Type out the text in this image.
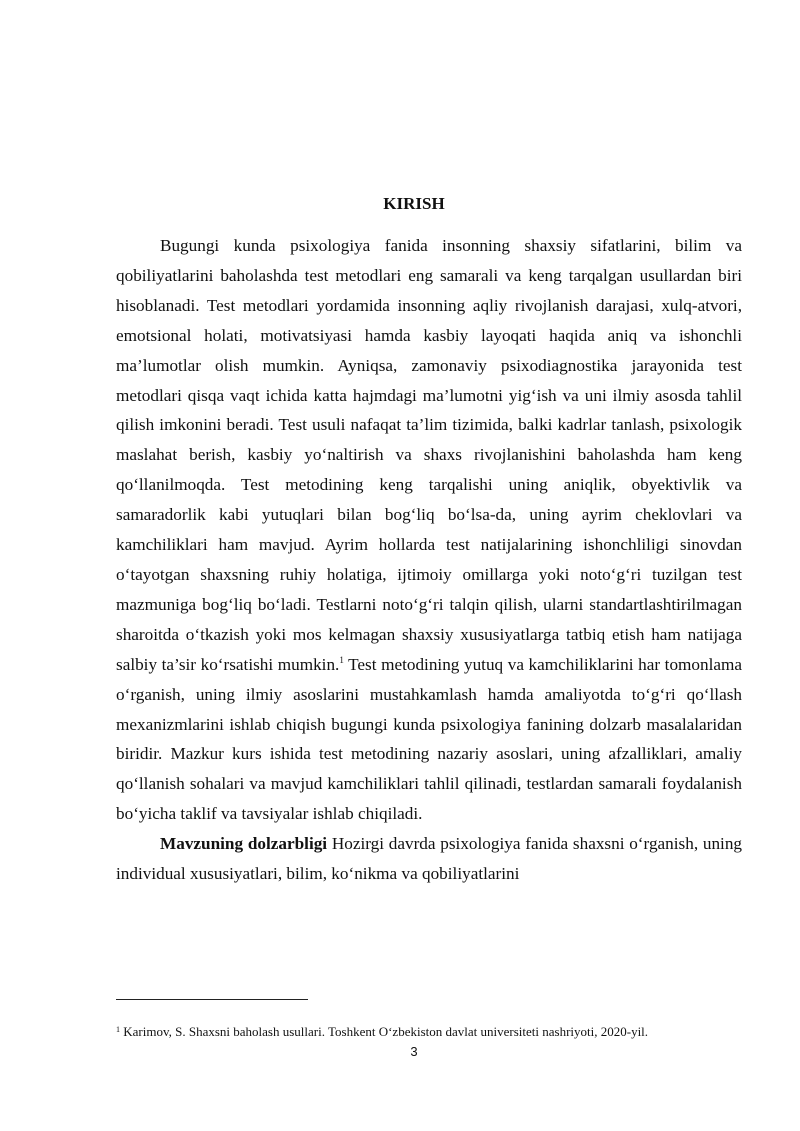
KIRISH

Bugungi kunda psixologiya fanida insonning shaxsiy sifatlarini, bilim va qobiliyatlarini baholashda test metodlari eng samarali va keng tarqalgan usullardan biri hisoblanadi. Test metodlari yordamida insonning aqliy rivojlanish darajasi, xulq-atvori, emotsional holati, motivatsiyasi hamda kasbiy layoqati haqida aniq va ishonchli ma’lumotlar olish mumkin. Ayniqsa, zamonaviy psixodiagnostika jarayonida test metodlari qisqa vaqt ichida katta hajmdagi ma’lumotni yig‘ish va uni ilmiy asosda tahlil qilish imkonini beradi. Test usuli nafaqat ta’lim tizimida, balki kadrlar tanlash, psixologik maslahat berish, kasbiy yo‘naltirish va shaxs rivojlanishini baholashda ham keng qo‘llanilmoqda. Test metodining keng tarqalishi uning aniqlik, obyektivlik va samaradorlik kabi yutuqlari bilan bog‘liq bo‘lsa-da, uning ayrim cheklovlari va kamchiliklari ham mavjud. Ayrim hollarda test natijalarining ishonchliligi sinovdan o‘tayotgan shaxsning ruhiy holatiga, ijtimoiy omillarga yoki noto‘g‘ri tuzilgan test mazmuniga bog‘liq bo‘ladi. Testlarni noto‘g‘ri talqin qilish, ularni standartlashtirilmagan sharoitda o‘tkazish yoki mos kelmagan shaxsiy xususiyatlarga tatbiq etish ham natijaga salbiy ta’sir ko‘rsatishi mumkin.$^1$ Test metodining yutuq va kamchiliklarini har tomonlama o‘rganish, uning ilmiy asoslarini mustahkamlash hamda amaliyotda to‘g‘ri qo‘llash mexanizmlarini ishlab chiqish bugungi kunda psixologiya fanining dolzarb masalalaridan biridir. Mazkur kurs ishida test metodining nazariy asoslari, uning afzalliklari, amaliy qo‘llanish sohalari va mavjud kamchiliklari tahlil qilinadi, testlardan samarali foydalanish bo‘yicha taklif va tavsiyalar ishlab chiqiladi.

Mavzuning dolzarbligi Hozirgi davrda psixologiya fanida shaxsni o‘rganish, uning individual xususiyatlari, bilim, ko‘nikma va qobiliyatlarini

$^1$ Karimov, S. Shaxsni baholash usullari. Toshkent O‘zbekiston davlat universiteti nashriyoti, 2020-yil.
3
